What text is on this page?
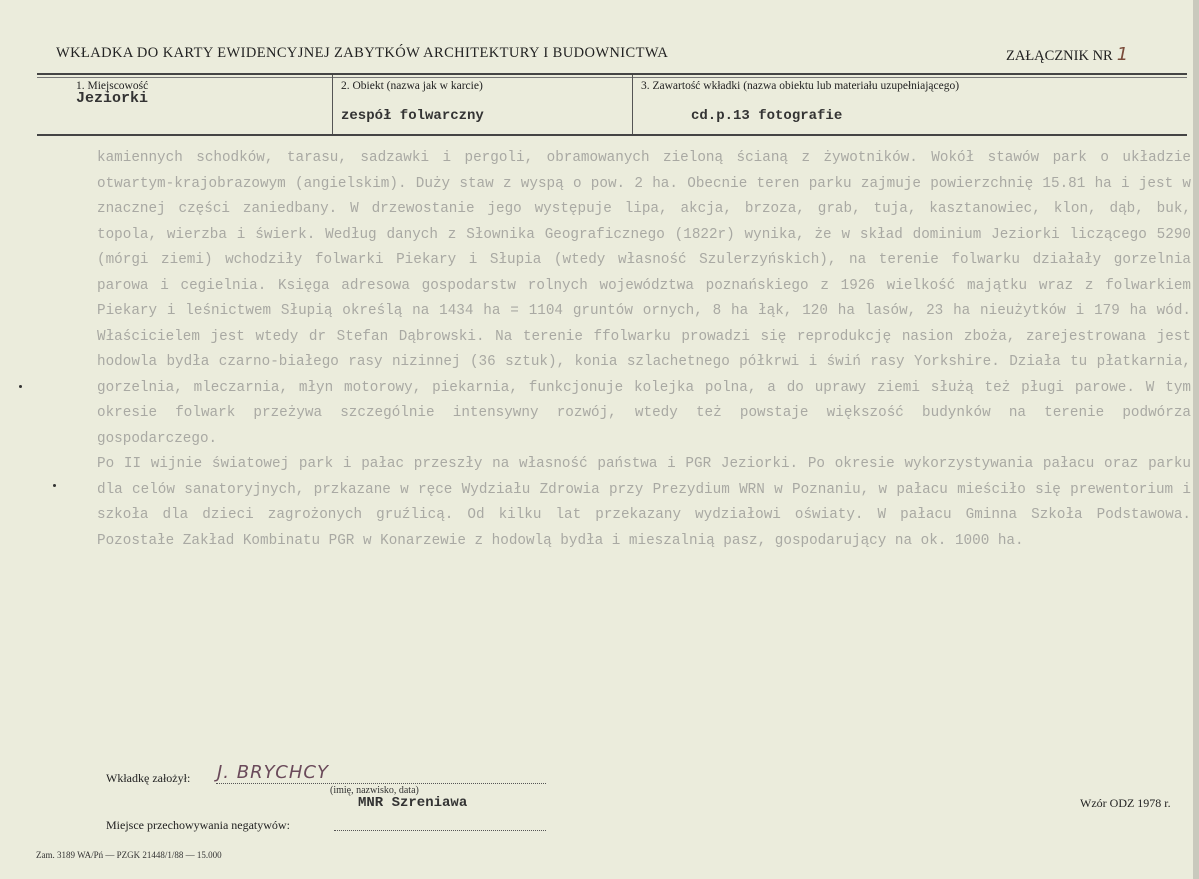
WKŁADKA DO KARTY EWIDENCYJNEJ ZABYTKÓW ARCHITEKTURY I BUDOWNICTWA	ZAŁĄCZNIK NR 1
1. Miejscowość
Jeziorki
2. Obiekt (nazwa jak w karcie)
zespół folwarczny
3. Zawartość wkładki (nazwa obiektu lub materiału uzupełniającego)
cd.p.13 fotografie

kamiennych schodków, tarasu, sadzawki i pergoli, obramowanych zieloną ścianą z żywotników. Wokół stawów park o układzie otwartym-krajobrazowym (angielskim). Duży staw z wyspą o pow. 2 ha. Obecnie teren parku zajmuje powierzchnię 15.81 ha i jest w znacznej części zaniedbany. W drzewostanie jego występuje lipa, akcja, brzoza, grab, tuja, kasztanowiec, klon, dąb, buk, topola, wierzba i świerk. Według danych z Słownika Geograficznego (1822r) wynika, że w skład dominium Jeziorki liczącego 5290 (mórgi ziemi) wchodziły folwarki Piekary i Słupia (wtedy własność Szulerzyńskich), na terenie folwarku działały gorzelnia parowa i cegielnia. Księga adresowa gospodarstw rolnych województwa poznańskiego z 1926 wielkość majątku wraz z folwarkiem Piekary i leśnictwem Słupią określą na 1434 ha = 1104 gruntów ornych, 8 ha łąk, 120 ha lasów, 23 ha nieużytków i 179 ha wód. Właścicielem jest wtedy dr Stefan Dąbrowski. Na terenie ffolwarku prowadzi się reprodukcję nasion zboża, zarejestrowana jest hodowla bydła czarno-białego rasy nizinnej (36 sztuk), konia szlachetnego półkrwi i świń rasy Yorkshire. Działa tu płatkarnia, gorzelnia, mleczarnia, młyn motorowy, piekarnia, funkcjonuje kolejka polna, a do uprawy ziemi służą też pługi parowe. W tym okresie folwark przeżywa szczególnie intensywny rozwój, wtedy też powstaje większość budynków na terenie podwórza gospodarczego.

Po II wijnie światowej park i pałac przeszły na własność państwa i PGR Jeziorki. Po okresie wykorzystywania pałacu oraz parku dla celów sanatoryjnych, przkazane w ręce Wydziału Zdrowia przy Prezydium WRN w Poznaniu, w pałacu mieściło się prewentorium i szkoła dla dzieci zagrożonych gruźlicą. Od kilku lat przekazany wydziałowi oświaty. W pałacu Gminna Szkoła Podstawowa. Pozostałe Zakład Kombinatu PGR w Konarzewie z hodowlą bydła i mieszalnią pasz, gospodarujący na ok. 1000 ha.

Wkładkę założył: J. BRYCHCY
(imię, nazwisko, data)
MNR Szreniawa	Wzór ODZ 1978 r.
Miejsce przechowywania negatywów:
Zam. 3189 WA/Pń — PZGK 21448/1/88 — 15.000
